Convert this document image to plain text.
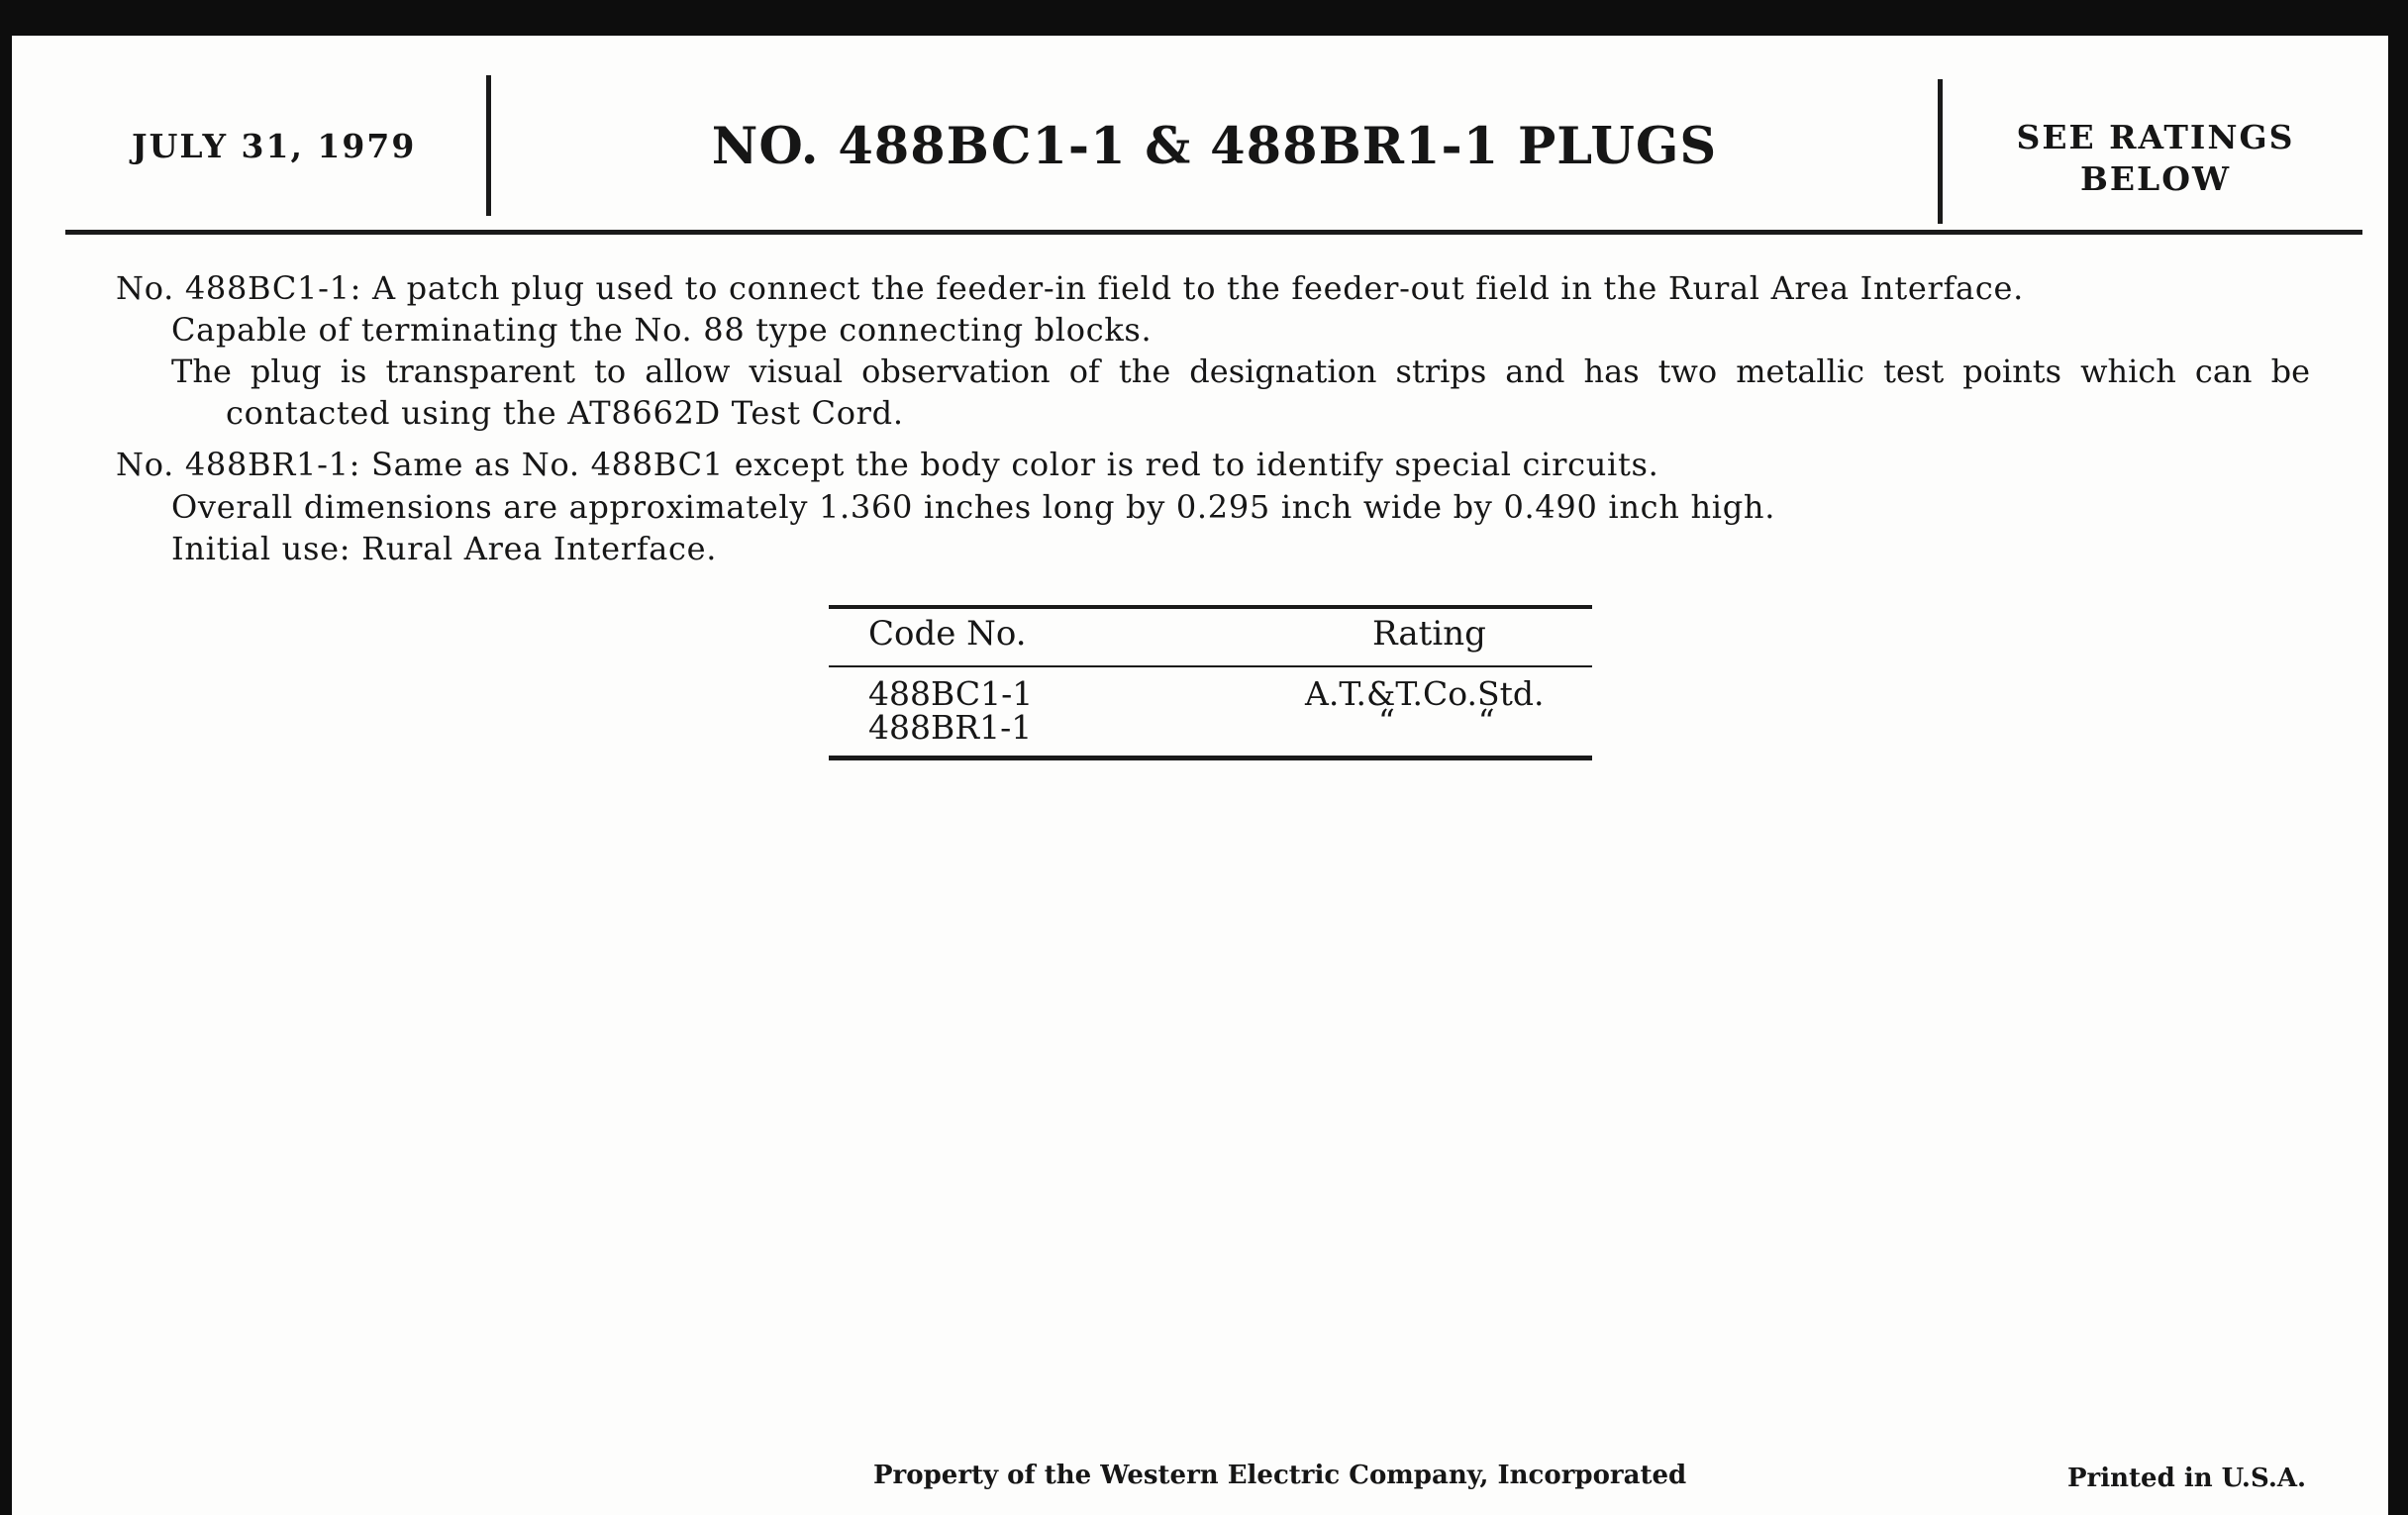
JULY 31, 1979	NO. 488BC1-1 & 488BR1-1 PLUGS	SEE RATINGS
BELOW
No. 488BC1-1: A patch plug used to connect the feeder-in field to the feeder-out field in the Rural Area Interface.
Capable of terminating the No. 88 type connecting blocks.
The plug is transparent to allow visual observation of the designation strips and has two metallic test points which can be
contacted using the AT8662D Test Cord.
No. 488BR1-1: Same as No. 488BC1 except the body color is red to identify special circuits.
Overall dimensions are approximately 1.360 inches long by 0.295 inch wide by 0.490 inch high.
Initial use: Rural Area Interface.
Code No.	Rating
488BC1-1	A.T.&T.Co.Std.
488BR1-1	“        “
Property of the Western Electric Company, Incorporated	Printed in U.S.A.
